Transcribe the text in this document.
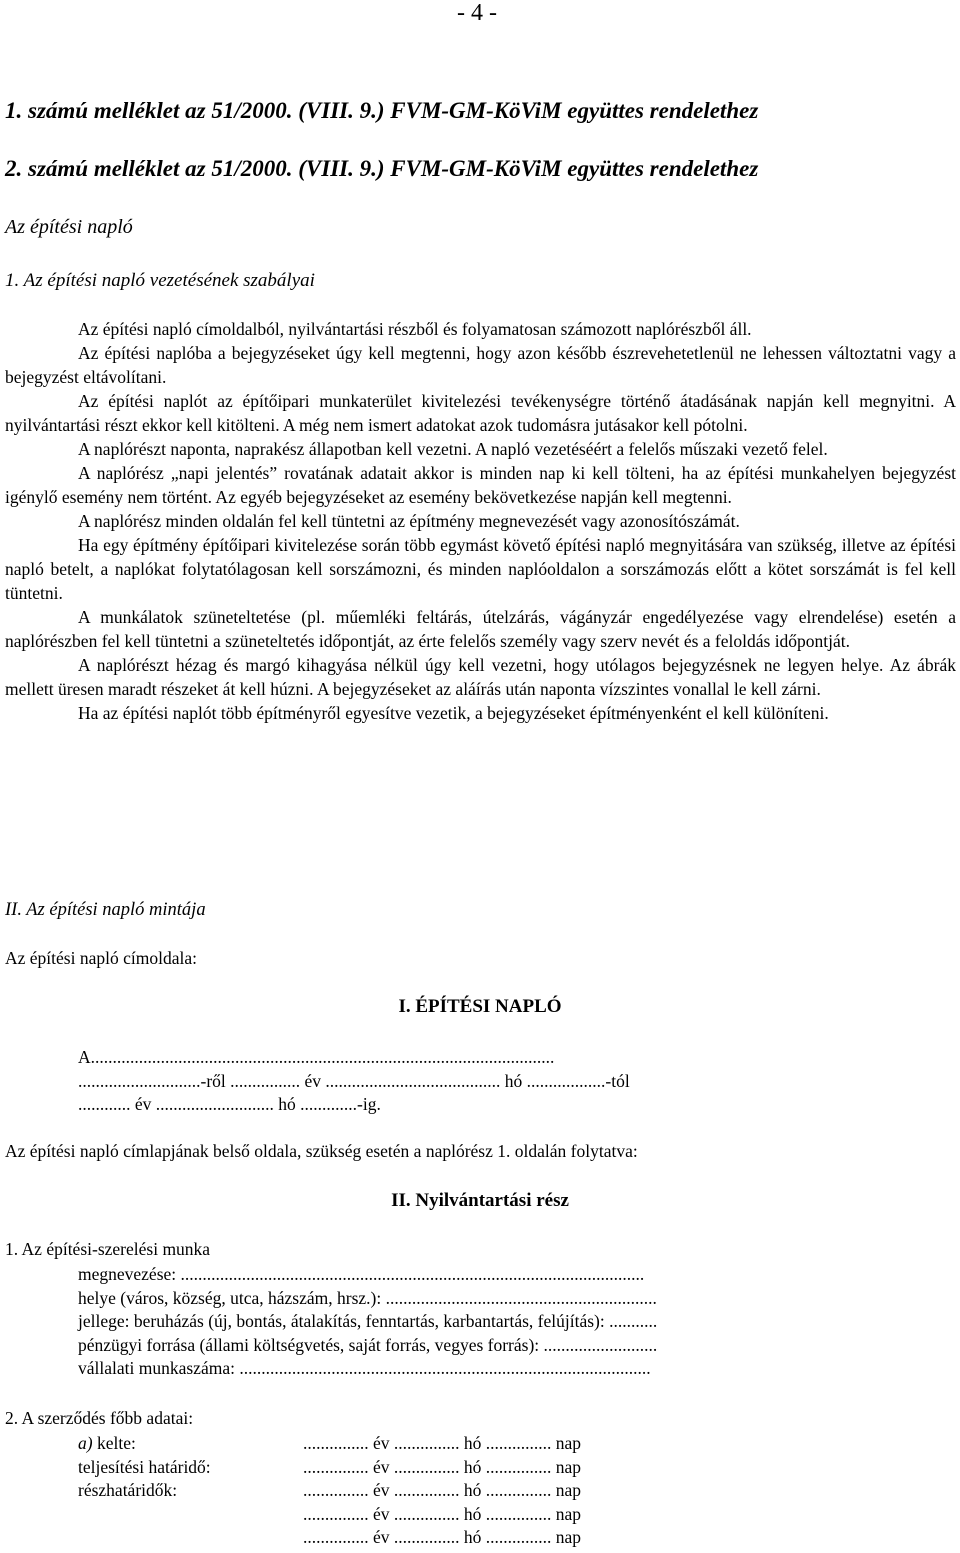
- 4 -
1. számú melléklet az 51/2000. (VIII. 9.) FVM-GM-KöViM együttes rendelethez
2. számú melléklet az 51/2000. (VIII. 9.) FVM-GM-KöViM együttes rendelethez
Az építési napló
1. Az építési napló vezetésének szabályai

Az építési napló címoldalból, nyilvántartási részből és folyamatosan számozott naplórészből áll.

Az építési naplóba a bejegyzéseket úgy kell megtenni, hogy azon később észrevehetetlenül ne lehessen változtatni vagy a bejegyzést eltávolítani.

Az építési naplót az építőipari munkaterület kivitelezési tevékenységre történő átadásának napján kell megnyitni. A nyilvántartási részt ekkor kell kitölteni. A még nem ismert adatokat azok tudomásra jutásakor kell pótolni.

A naplórészt naponta, naprakész állapotban kell vezetni. A napló vezetéséért a felelős műszaki vezető felel.

A naplórész „napi jelentés” rovatának adatait akkor is minden nap ki kell tölteni, ha az építési munkahelyen bejegyzést igénylő esemény nem történt. Az egyéb bejegyzéseket az esemény bekövetkezése napján kell megtenni.

A naplórész minden oldalán fel kell tüntetni az építmény megnevezését vagy azonosítószámát.

Ha egy építmény építőipari kivitelezése során több egymást követő építési napló megnyitására van szükség, illetve az építési napló betelt, a naplókat folytatólagosan kell sorszámozni, és minden naplóoldalon a sorszámozás előtt a kötet sorszámát is fel kell tüntetni.

A munkálatok szüneteltetése (pl. műemléki feltárás, útelzárás, vágányzár engedélyezése vagy elrendelése) esetén a naplórészben fel kell tüntetni a szüneteltetés időpontját, az érte felelős személy vagy szerv nevét és a feloldás időpontját.

A naplórészt hézag és margó kihagyása nélkül úgy kell vezetni, hogy utólagos bejegyzésnek ne legyen helye. Az ábrák mellett üresen maradt részeket át kell húzni. A bejegyzéseket az aláírás után naponta vízszintes vonallal le kell zárni.

Ha az építési naplót több építményről egyesítve vezetik, a bejegyzéseket építményenként el kell különíteni.

II. Az építési napló mintája
Az építési napló címoldala:
I. ÉPÍTÉSI NAPLÓ
A..........................................................................................................
............................-ről ................ év ........................................ hó ..................-tól
............ év ........................... hó .............-ig.
Az építési napló címlapjának belső oldala, szükség esetén a naplórész 1. oldalán folytatva:
II. Nyilvántartási rész
1. Az építési-szerelési munka
megnevezése: ..........................................................................................................
helye (város, község, utca, házszám, hrsz.): ..............................................................
jellege: beruházás (új, bontás, átalakítás, fenntartás, karbantartás, felújítás): ...........
pénzügyi forrása (állami költségvetés, saját forrás, vegyes forrás): ..........................
vállalati munkaszáma: ..............................................................................................
2. A szerződés főbb adatai:
a) kelte:
teljesítési határidő:
részhatáridők:
............... év ............... hó ............... nap
............... év ............... hó ............... nap
............... év ............... hó ............... nap
............... év ............... hó ............... nap
............... év ............... hó ............... nap
